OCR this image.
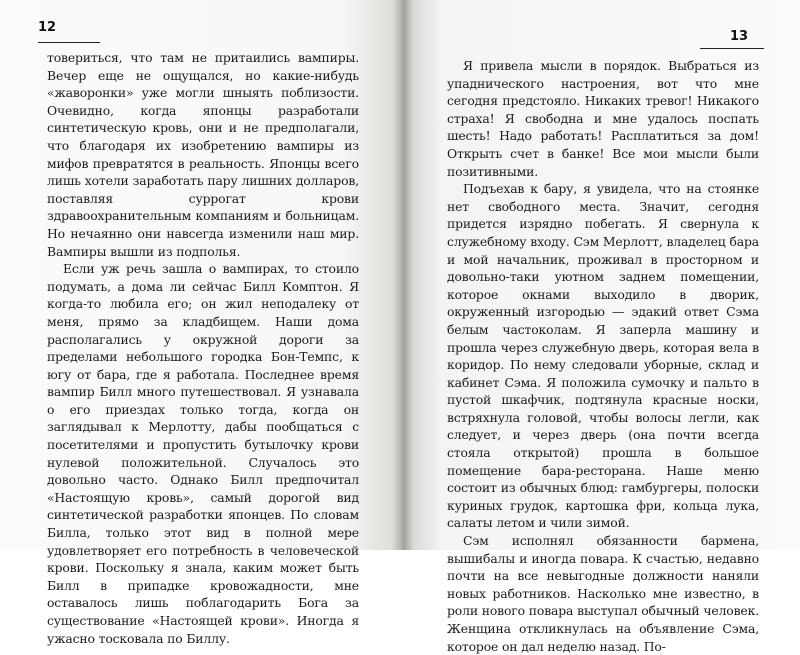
12

товериться, что там не притаились вампиры. Вечер еще не ощущался, но какие-нибудь «жаворонки» уже могли шныять поблизости. Очевидно, когда японцы разработали синтетическую кровь, они и не предполагали, что благодаря их изобретению вампиры из мифов превратятся в реальность. Японцы всего лишь хотели заработать пару лишних долларов, поставляя суррогат крови здравоохранительным компаниям и больницам. Но нечаянно они навсегда изменили наш мир. Вампиры вышли из подполья.

Если уж речь зашла о вампирах, то стоило подумать, а дома ли сейчас Билл Комптон. Я когда-то любила его; он жил неподалеку от меня, прямо за кладбищем. Наши дома располагались у окружной дороги за пределами небольшого городка Бон-Темпс, к югу от бара, где я работала. Последнее время вампир Билл много путешествовал. Я узнавала о его приездах только тогда, когда он заглядывал к Мерлотту, дабы пообщаться с посетителями и пропустить бутылочку крови нулевой положительной. Случалось это довольно часто. Однако Билл предпочитал «Настоящую кровь», самый дорогой вид синтетической разработки японцев. По словам Билла, только этот вид в полной мере удовлетворяет его потребность в человеческой крови. Поскольку я знала, каким может быть Билл в припадке кровожадности, мне оставалось лишь поблагодарить Бога за существование «Настоящей крови». Иногда я ужасно тосковала по Биллу.

13

Я привела мысли в порядок. Выбраться из упаднического настроения, вот что мне сегодня предстояло. Никаких тревог! Никакого страха! Я свободна и мне удалось поспать шесть! Надо работать! Расплатиться за дом! Открыть счет в банке! Все мои мысли были позитивными.

Подъехав к бару, я увидела, что на стоянке нет свободного места. Значит, сегодня придется изрядно побегать. Я свернула к служебному входу. Сэм Мерлотт, владелец бара и мой начальник, проживал в просторном и довольно-таки уютном заднем помещении, которое окнами выходило в дворик, окруженный изгородью — эдакий ответ Сэма белым частоколам. Я заперла машину и прошла через служебную дверь, которая вела в коридор. По нему следовали уборные, склад и кабинет Сэма. Я положила сумочку и пальто в пустой шкафчик, подтянула красные носки, встряхнула головой, чтобы волосы легли, как следует, и через дверь (она почти всегда стояла открытой) прошла в большое помещение бара-ресторана. Наше меню состоит из обычных блюд: гамбургеры, полоски куриных грудок, картошка фри, кольца лука, салаты летом и чили зимой.

Сэм исполнял обязанности бармена, вышибалы и иногда повара. К счастью, недавно почти на все невыгодные должности наняли новых работников. Насколько мне известно, в роли нового повара выступал обычный человек. Женщина откликнулась на объявление Сэма, которое он дал неделю назад. По-
